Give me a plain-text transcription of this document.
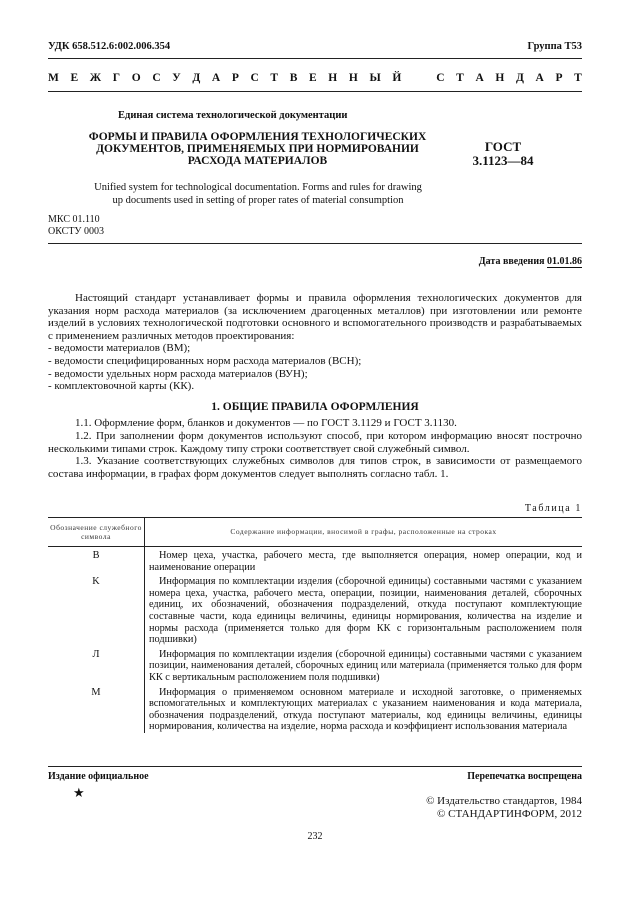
УДК 658.512.6:002.006.354	Группа Т53
М Е Ж Г О С У Д А Р С Т В Е Н Н Ы Й	С Т А Н Д А Р Т
Единая система технологической документации
ФОРМЫ И ПРАВИЛА ОФОРМЛЕНИЯ ТЕХНОЛОГИЧЕСКИХ
ДОКУМЕНТОВ, ПРИМЕНЯЕМЫХ ПРИ НОРМИРОВАНИИ
РАСХОДА МАТЕРИАЛОВ
ГОСТ
3.1123—84
Unified system for technological documentation. Forms and rules for drawing
up documents used in setting of proper rates of material consumption
МКС 01.110
ОКСТУ 0003
Дата введения 01.01.86

Настоящий стандарт устанавливает формы и правила оформления технологических документов для указания норм расхода материалов (за исключением драгоценных металлов) при изготовлении или ремонте изделий в условиях технологической подготовки основного и вспомогательного производств и разрабатываемых с применением различных методов проектирования:

- ведомости материалов (ВМ);

- ведомости специфицированных норм расхода материалов (ВСН);

- ведомости удельных норм расхода материалов (ВУН);

- комплектовочной карты (КК).

1. ОБЩИЕ ПРАВИЛА ОФОРМЛЕНИЯ

1.1. Оформление форм, бланков и документов — по ГОСТ 3.1129 и ГОСТ 3.1130.

1.2. При заполнении форм документов используют способ, при котором информацию вносят построчно несколькими типами строк. Каждому типу строки соответствует свой служебный символ.

1.3. Указание соответствующих служебных символов для типов строк, в зависимости от размещаемого состава информации, в графах форм документов следует выполнять согласно табл. 1.

Таблица 1
Обозначение служебного символа	Содержание информации, вносимой в графы, расположенные на строках
В	Номер цеха, участка, рабочего места, где выполняется операция, номер операции, код и наименование операции
K	Информация по комплектации изделия (сборочной единицы) составными частями с указанием номера цеха, участка, рабочего места, операции, позиции, наименования деталей, сборочных единиц, их обозначений, обозначения подразделений, откуда поступают комплектующие составные части, кода единицы величины, единицы нормирования, количества на изделие и нормы расхода (применяется только для форм КК с горизонтальным расположением поля подшивки)
Л	Информация по комплектации изделия (сборочной единицы) составными частями с указанием позиции, наименования деталей, сборочных единиц или материала (применяется только для форм КК с вертикальным расположением поля подшивки)
М	Информация о применяемом основном материале и исходной заготовке, о применяемых вспомогательных и комплектующих материалах с указанием наименования и кода материала, обозначения подразделений, откуда поступают материалы, код единицы величины, единицы нормирования, количества на изделие, норма расхода и коэффициент использования материала
Издание официальное	Перепечатка воспрещена
★
© Издательство стандартов, 1984
© СТАНДАРТИНФОРМ, 2012
232
